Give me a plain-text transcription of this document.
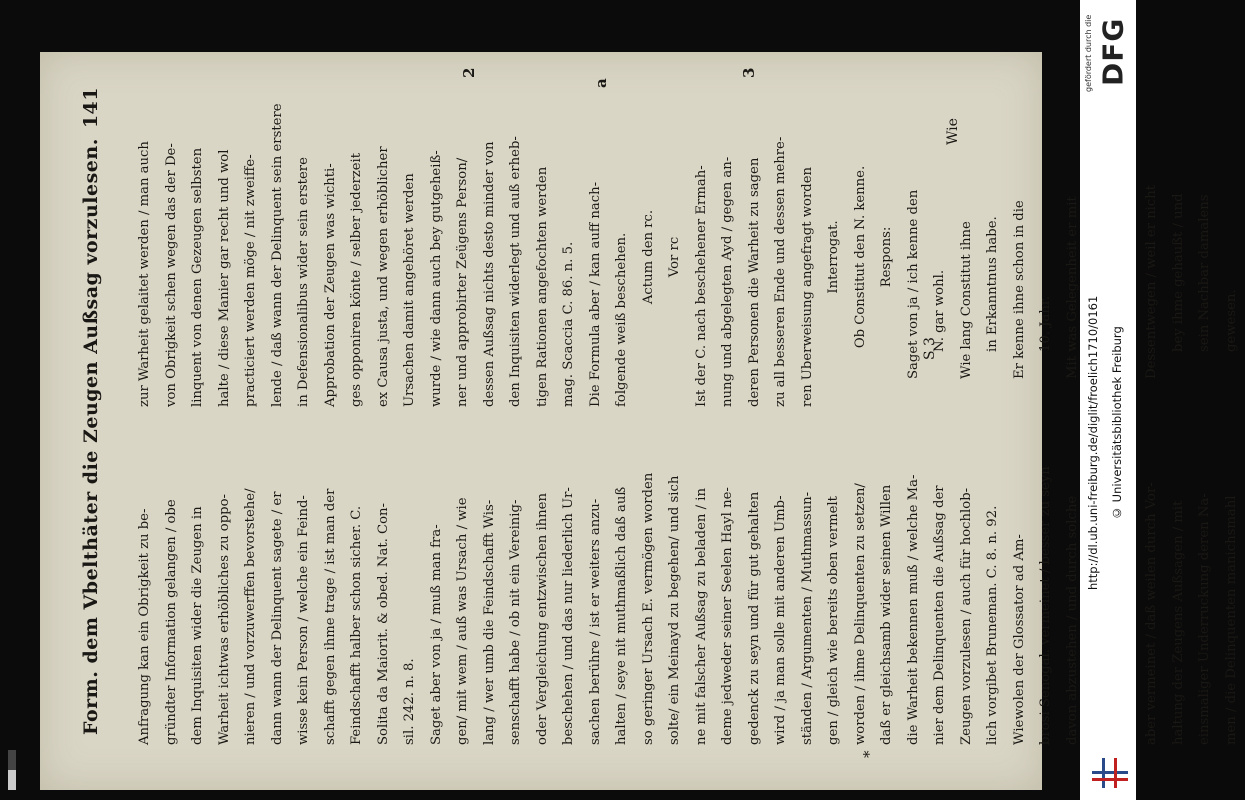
Form. dem Vbelthäter die Zeugen Außsag vorzulesen.
141
Anfragung kan ein Obrigkeit zu be- gründter Information gelangen / obe dem Inquisiten wider die Zeugen in Warheit ichtwas erhöbliches zu oppo- nieren / und vorzuwerffen bevorstehe/ dann wann der Delinquent sagete / er wisse kein Person / welche ein Feind- schafft gegen ihme trage / ist man der Feindschafft halber schon sicher. C. Solita da Maiorit. & obed. Nat. Con- sil. 242. n. 8. Saget aber von ja / muß man fra- gen/ mit wem / auß was Ursach / wie lang / wer umb die Feindschafft Wis- senschafft habe / ob nit ein Vereinig- oder Vergleichung entzwischen ihnen beschehen / und das nur liederlich Ur- sachen berühre / ist er weiters anzu- halten / seye nit muthmaßlich daß auß so geringer Ursach E. vermögen worden solte/ ein Meinayd zu begehen/ und sich ne mit falscher Außsag zu beladen / in deme jedweder seiner Seelen Hayl ne- gedenck zu seyn und für gut gehalten wird / ja man solle mit anderen Umb- ständen / Argumenten / Muthmassun- gen / gleich wie bereits oben vermelt worden / ihme Delinquenten zu setzen/ daß er gleichsamb wider seinen Willen die Warheit bekennen muß / welche Ma- nier dem Delinquenten die Außsag der Zeugen vorzulesen / auch für hochlob- lich vorgibet Bruneman. C. 8. n. 92. Wiewolen der Glossator ad Am- brosi Senogal. vermeinet / besser zu seyn davon abzustehen / und durch solche	aber vermeinet / daß weilen durch Vor- haltung der Zeugens Außsagen / mit einsmaliger Underruckung deren Na- men / die Delinquenten manichsmahl
zur Warheit gelaitet werden / man auch von Obrigkeit schen wegen das der De- linquent von denen Gezeugen selbsten halte / diese Manier gar recht und wol practiciert werden möge / nit zweiffe- lende / daß wann der Delinquent sein erstere in Defensionalibus wider sein erstere Approbation der Zeugen was wichti- ges opponiren könte / selber jederzeit ex Causa justa, und wegen erhöblicher Ursachen damit angehöret werden wurde / wie dann auch bey gutgeheiß- ner und approbirter Zeügens Person/ dessen Außsag nichts desto minder von den Inquisiten widerlegt und auß erheb- tigen Rationen angefochten werden mag. Scaccia C. 86. n. 5. Die Formula aber / kan auff nach- folgende weiß beschehen. Actum den rc. Vor rc Ist der C. nach beschehener Ermah- nung und abgelegten Ayd / gegen an- deren Personen die Warheit zu sagen zu all besseren Ende und dessen mehre- ren Uberweisung angefragt worden Interrogat. Ob Constitut den N. kenne. Respons: Saget von ja / ich kenne den N. gar wohl. Wie lang Constitut ihne in Erkanntnus habe. Er kenne ihne schon in die 10. Jahr. Mit was Gelegenheit er mit	Dessentwegen / weil er nicht bey ihme gehaußt / und sein Nachbar damalens gewesen.
a
2	3
*
S 3
Wie
gefördert durch die DFG
http://dl.ub.uni-freiburg.de/diglit/froelich1710/0161 © Universitätsbibliothek Freiburg
